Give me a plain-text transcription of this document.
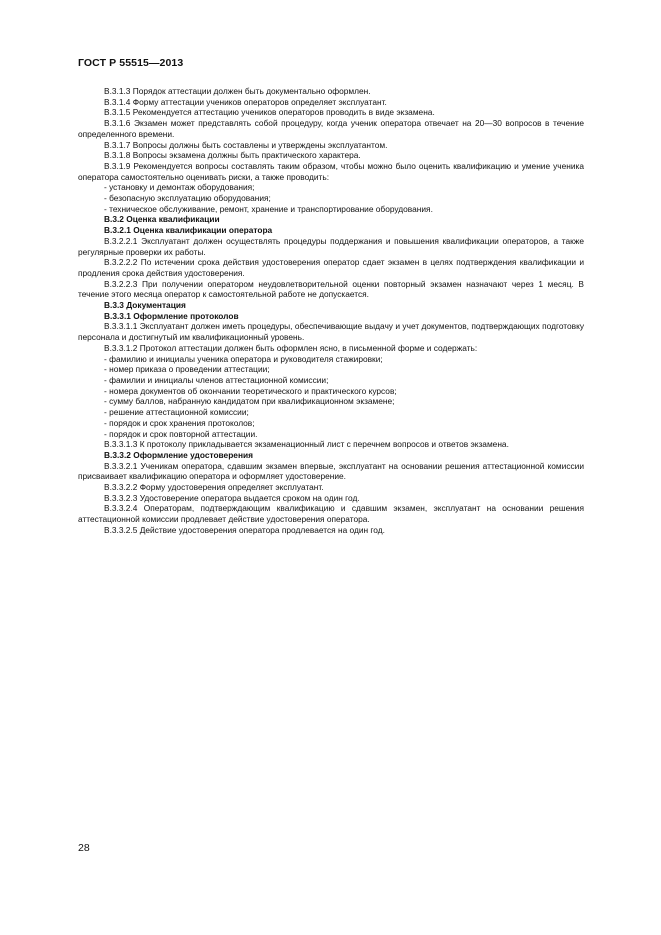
ГОСТ Р 55515—2013

В.3.1.3 Порядок аттестации должен быть документально оформлен.

В.3.1.4 Форму аттестации учеников операторов определяет эксплуатант.

В.3.1.5 Рекомендуется аттестацию учеников операторов проводить в виде экзамена.

В.3.1.6 Экзамен может представлять собой процедуру, когда ученик оператора отвечает на 20—30 вопросов в течение определенного времени.

В.3.1.7 Вопросы должны быть составлены и утверждены эксплуатантом.

В.3.1.8 Вопросы экзамена должны быть практического характера.

В.3.1.9 Рекомендуется вопросы составлять таким образом, чтобы можно было оценить квалификацию и умение ученика оператора самостоятельно оценивать риски, а также проводить:

- установку и демонтаж оборудования;

- безопасную эксплуатацию оборудования;

- техническое обслуживание, ремонт, хранение и транспортирование оборудования.

В.3.2 Оценка квалификации

В.3.2.1 Оценка квалификации оператора

В.3.2.2.1 Эксплуатант должен осуществлять процедуры поддержания и повышения квалификации операторов, а также регулярные проверки их работы.

В.3.2.2.2 По истечении срока действия удостоверения оператор сдает экзамен в целях подтверждения квалификации и продления срока действия удостоверения.

В.3.2.2.3 При получении оператором неудовлетворительной оценки повторный экзамен назначают через 1 месяц. В течение этого месяца оператор к самостоятельной работе не допускается.

В.3.3 Документация

В.3.3.1 Оформление протоколов

В.3.3.1.1 Эксплуатант должен иметь процедуры, обеспечивающие выдачу и учет документов, подтверждающих подготовку персонала и достигнутый им квалификационный уровень.

В.3.3.1.2 Протокол аттестации должен быть оформлен ясно, в письменной форме и содержать:

- фамилию и инициалы ученика оператора и руководителя стажировки;

- номер приказа о проведении аттестации;

- фамилии и инициалы членов аттестационной комиссии;

- номера документов об окончании теоретического и практического курсов;

- сумму баллов, набранную кандидатом при квалификационном экзамене;

- решение аттестационной комиссии;

- порядок и срок хранения протоколов;

- порядок и срок повторной аттестации.

В.3.3.1.3 К протоколу прикладывается экзаменационный лист с перечнем вопросов и ответов экзамена.

В.3.3.2 Оформление удостоверения

В.3.3.2.1 Ученикам оператора, сдавшим экзамен впервые, эксплуатант на основании решения аттестационной комиссии присваивает квалификацию оператора и оформляет удостоверение.

В.3.3.2.2 Форму удостоверения определяет эксплуатант.

В.3.3.2.3 Удостоверение оператора выдается сроком на один год.

В.3.3.2.4 Операторам, подтверждающим квалификацию и сдавшим экзамен, эксплуатант на основании решения аттестационной комиссии продлевает действие удостоверения оператора.

В.3.3.2.5 Действие удостоверения оператора продлевается на один год.

28
